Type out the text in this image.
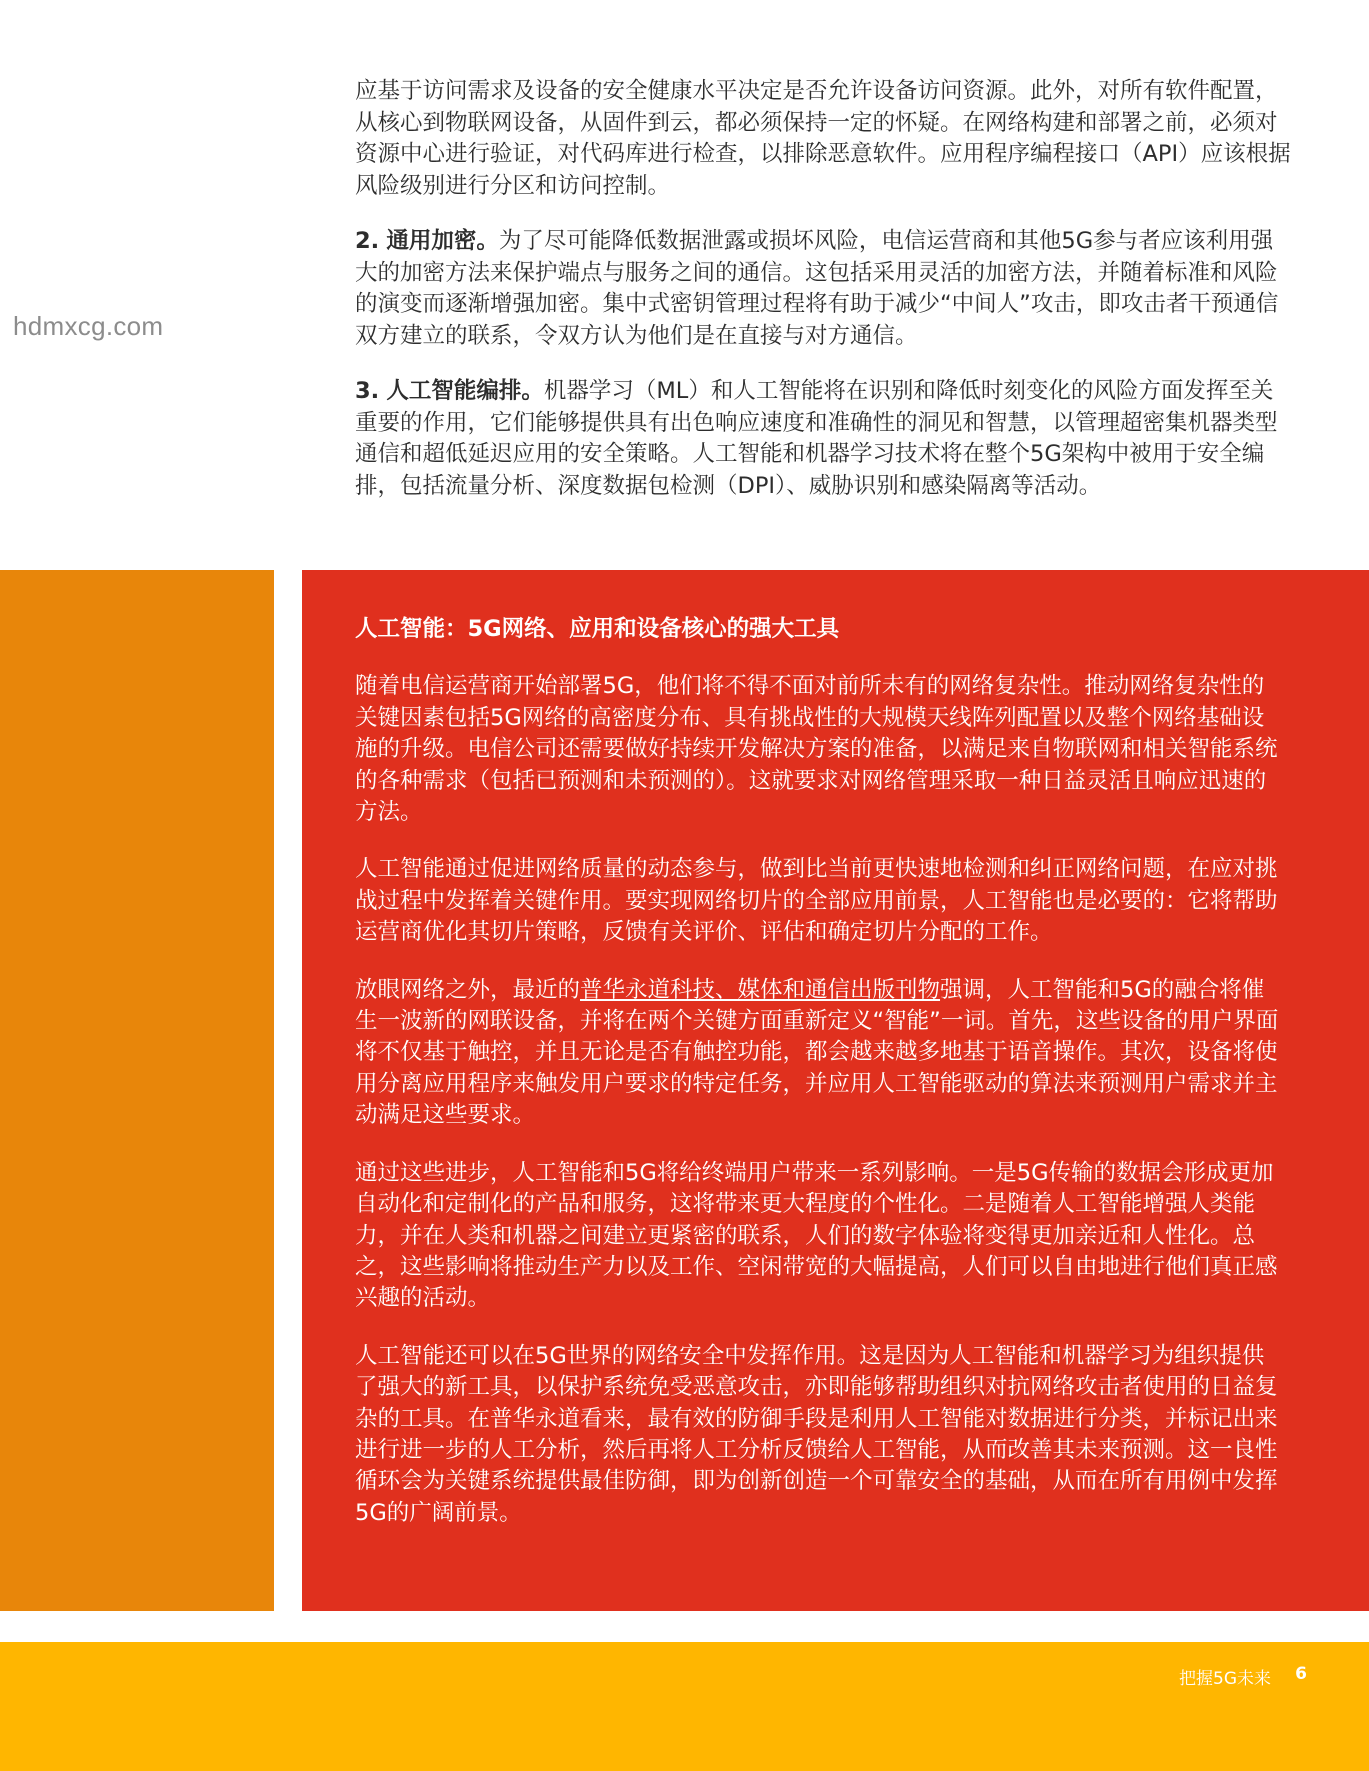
hdmxcg.com

应基于访问需求及设备的安全健康水平决定是否允许设备访问资源。此外，对所有软件配置，从核心到物联网设备，从固件到云，都必须保持一定的怀疑。在网络构建和部署之前，必须对资源中心进行验证，对代码库进行检查，以排除恶意软件。应用程序编程接口（API）应该根据风险级别进行分区和访问控制。

2. 通用加密。为了尽可能降低数据泄露或损坏风险，电信运营商和其他5G参与者应该利用强大的加密方法来保护端点与服务之间的通信。这包括采用灵活的加密方法，并随着标准和风险的演变而逐渐增强加密。集中式密钥管理过程将有助于减少“中间人”攻击，即攻击者干预通信双方建立的联系，令双方认为他们是在直接与对方通信。

3. 人工智能编排。机器学习（ML）和人工智能将在识别和降低时刻变化的风险方面发挥至关重要的作用，它们能够提供具有出色响应速度和准确性的洞见和智慧，以管理超密集机器类型通信和超低延迟应用的安全策略。人工智能和机器学习技术将在整个5G架构中被用于安全编排，包括流量分析、深度数据包检测（DPI）、威胁识别和感染隔离等活动。

人工智能：5G网络、应用和设备核心的强大工具

随着电信运营商开始部署5G，他们将不得不面对前所未有的网络复杂性。推动网络复杂性的关键因素包括5G网络的高密度分布、具有挑战性的大规模天线阵列配置以及整个网络基础设施的升级。电信公司还需要做好持续开发解决方案的准备，以满足来自物联网和相关智能系统的各种需求（包括已预测和未预测的）。这就要求对网络管理采取一种日益灵活且响应迅速的方法。

人工智能通过促进网络质量的动态参与，做到比当前更快速地检测和纠正网络问题，在应对挑战过程中发挥着关键作用。要实现网络切片的全部应用前景，人工智能也是必要的：它将帮助运营商优化其切片策略，反馈有关评价、评估和确定切片分配的工作。

放眼网络之外，最近的普华永道科技、媒体和通信出版刊物强调，人工智能和5G的融合将催生一波新的网联设备，并将在两个关键方面重新定义“智能”一词。首先，这些设备的用户界面将不仅基于触控，并且无论是否有触控功能，都会越来越多地基于语音操作。其次，设备将使用分离应用程序来触发用户要求的特定任务，并应用人工智能驱动的算法来预测用户需求并主动满足这些要求。

通过这些进步，人工智能和5G将给终端用户带来一系列影响。一是5G传输的数据会形成更加自动化和定制化的产品和服务，这将带来更大程度的个性化。二是随着人工智能增强人类能力，并在人类和机器之间建立更紧密的联系，人们的数字体验将变得更加亲近和人性化。总之，这些影响将推动生产力以及工作、空闲带宽的大幅提高，人们可以自由地进行他们真正感兴趣的活动。

人工智能还可以在5G世界的网络安全中发挥作用。这是因为人工智能和机器学习为组织提供了强大的新工具，以保护系统免受恶意攻击，亦即能够帮助组织对抗网络攻击者使用的日益复杂的工具。在普华永道看来，最有效的防御手段是利用人工智能对数据进行分类，并标记出来进行进一步的人工分析，然后再将人工分析反馈给人工智能，从而改善其未来预测。这一良性循环会为关键系统提供最佳防御，即为创新创造一个可靠安全的基础，从而在所有用例中发挥5G的广阔前景。

把握5G未来 6
